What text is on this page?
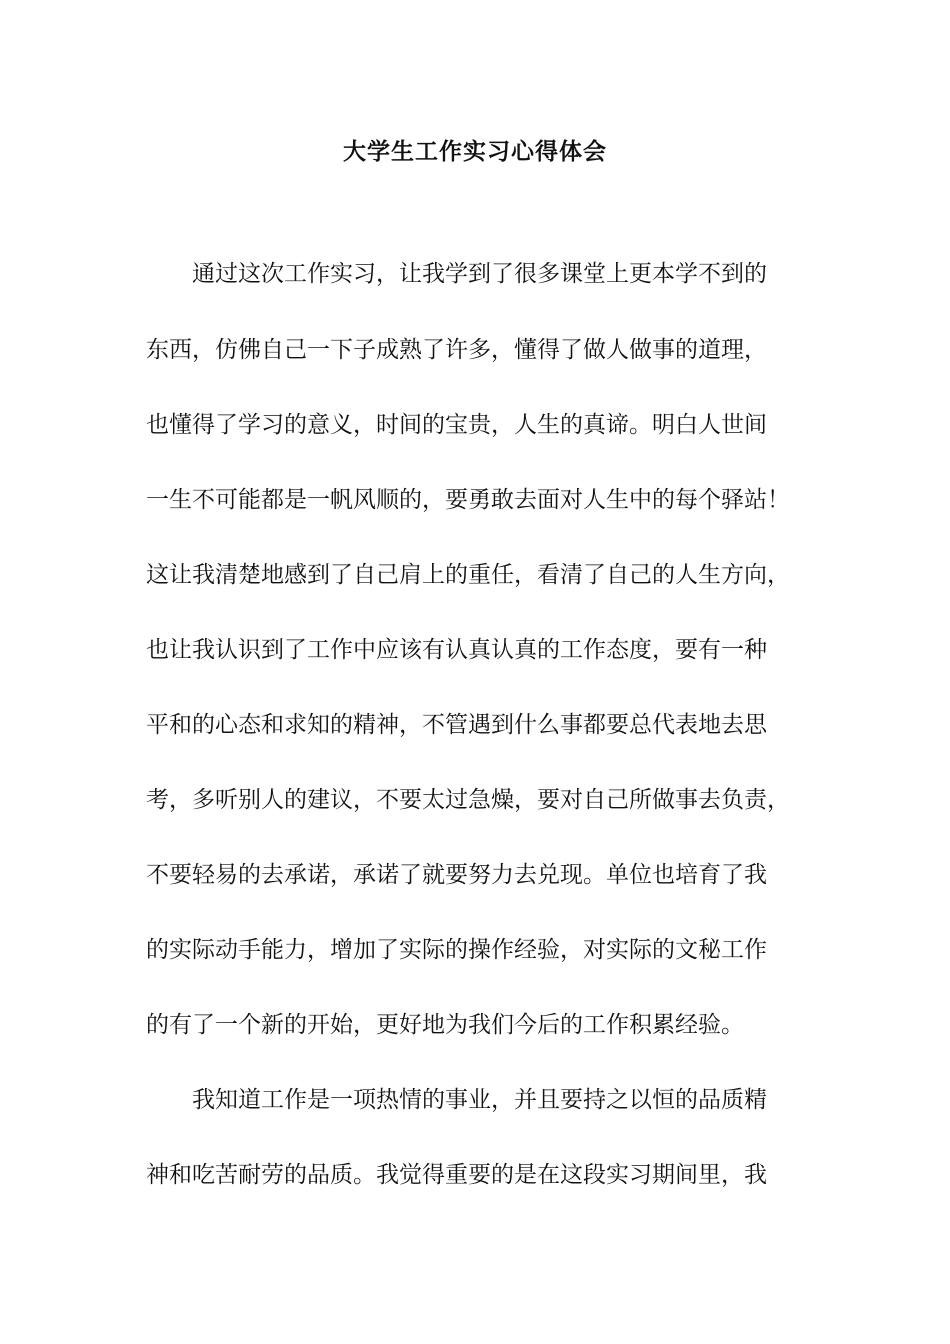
大学生工作实习心得体会
　　通过这次工作实习，让我学到了很多课堂上更本学不到的
东西，仿佛自己一下子成熟了许多，懂得了做人做事的道理，
也懂得了学习的意义，时间的宝贵，人生的真谛。明白人世间
一生不可能都是一帆风顺的，要勇敢去面对人生中的每个驿站！
这让我清楚地感到了自己肩上的重任，看清了自己的人生方向，
也让我认识到了工作中应该有认真认真的工作态度，要有一种
平和的心态和求知的精神，不管遇到什么事都要总代表地去思
考，多听别人的建议，不要太过急燥，要对自己所做事去负责，
不要轻易的去承诺，承诺了就要努力去兑现。单位也培育了我
的实际动手能力，增加了实际的操作经验，对实际的文秘工作
的有了一个新的开始，更好地为我们今后的工作积累经验。
　　我知道工作是一项热情的事业，并且要持之以恒的品质精
神和吃苦耐劳的品质。我觉得重要的是在这段实习期间里，我
